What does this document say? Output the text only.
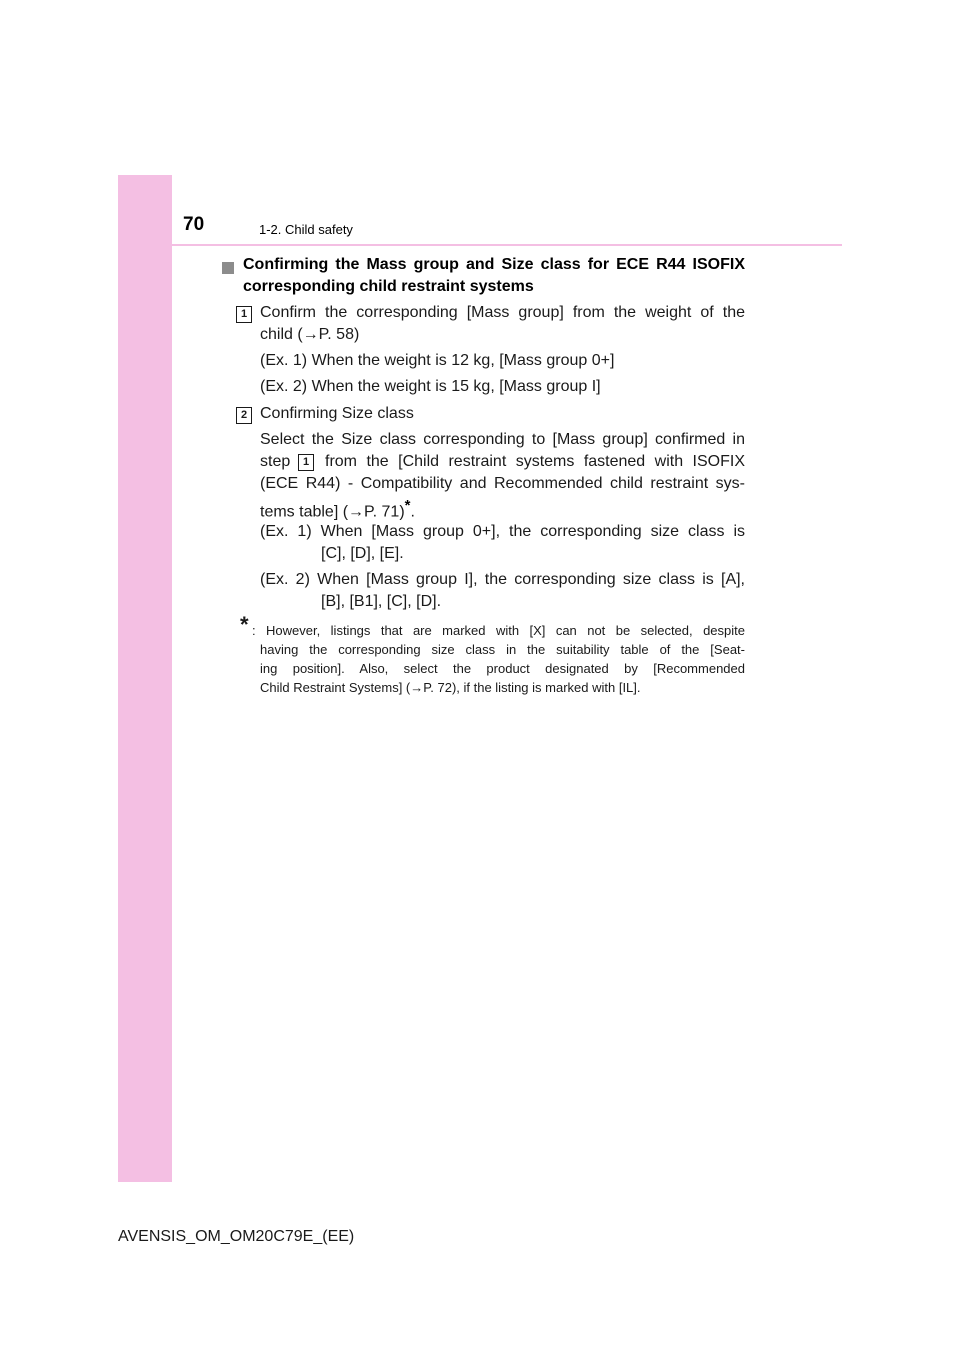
70	1-2. Child safety
Confirming the Mass group and Size class for ECE R44 ISOFIX
corresponding child restraint systems
1 Confirm the corresponding [Mass group] from the weight of the
child (→P. 58)
(Ex. 1) When the weight is 12 kg, [Mass group 0+]
(Ex. 2) When the weight is 15 kg, [Mass group I]
2 Confirming Size class
Select the Size class corresponding to [Mass group] confirmed in
step	1 from the [Child restraint systems fastened with ISOFIX
(ECE R44) - Compatibility and Recommended child restraint sys-
tems table] (→P. 71)*.
(Ex. 1) When [Mass group 0+], the corresponding size class is
[C], [D], [E].
(Ex. 2) When [Mass group I], the corresponding size class is [A],
[B], [B1], [C], [D].
* : However, listings that are marked with [X] can not be selected, despite
having the corresponding size class in the suitability table of the [Seat-
ing position]. Also, select the product designated by [Recommended
Child Restraint Systems] (→P. 72), if the listing is marked with [IL].
AVENSIS_OM_OM20C79E_(EE)
